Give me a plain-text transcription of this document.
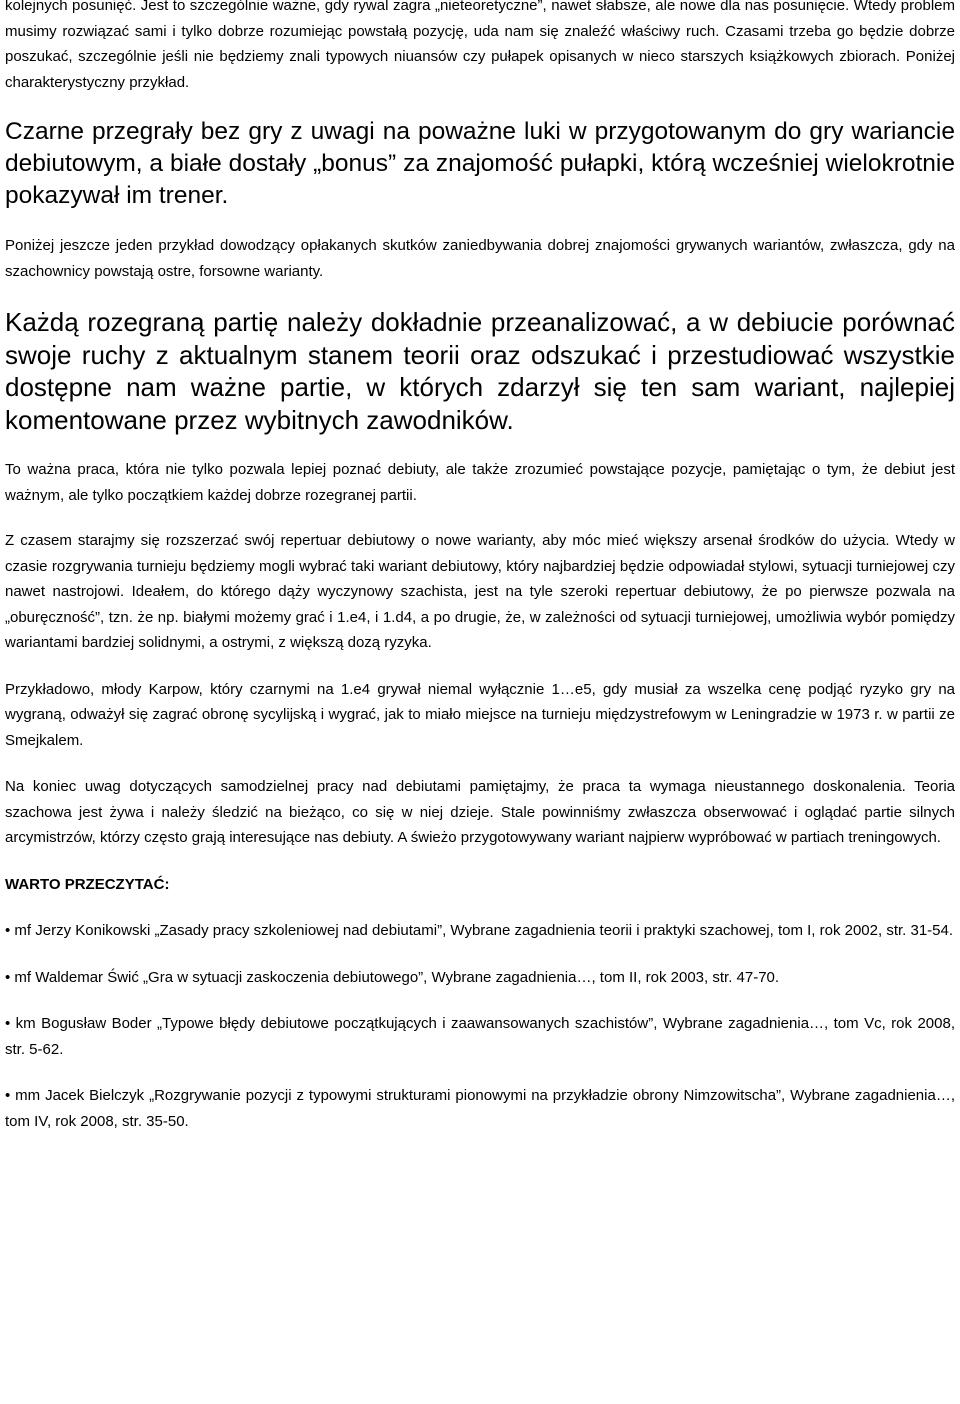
kolejnych posunięć. Jest to szczególnie ważne, gdy rywal zagra „nieteoretyczne”, nawet słabsze, ale nowe dla nas posunięcie. Wtedy problem musimy rozwiązać sami i tylko dobrze rozumiejąc powstałą pozycję, uda nam się znaleźć właściwy ruch. Czasami trzeba go będzie dobrze poszukać, szczególnie jeśli nie będziemy znali typowych niuansów czy pułapek opisanych w nieco starszych książkowych zbiorach. Poniżej charakterystyczny przykład.

Czarne przegrały bez gry z uwagi na poważne luki w przygotowanym do gry wariancie debiutowym, a białe dostały „bonus” za znajomość pułapki, którą wcześniej wielokrotnie pokazywał im trener.

Poniżej jeszcze jeden przykład dowodzący opłakanych skutków zaniedbywania dobrej znajomości grywanych wariantów, zwłaszcza, gdy na szachownicy powstają ostre, forsowne warianty.

Każdą rozegraną partię należy dokładnie przeanalizować, a w debiucie porównać swoje ruchy z aktualnym stanem teorii oraz odszukać i przestudiować wszystkie dostępne nam ważne partie, w których zdarzył się ten sam wariant, najlepiej komentowane przez wybitnych zawodników.

To ważna praca, która nie tylko pozwala lepiej poznać debiuty, ale także zrozumieć powstające pozycje, pamiętając o tym, że debiut jest ważnym, ale tylko początkiem każdej dobrze rozegranej partii.

Z czasem starajmy się rozszerzać swój repertuar debiutowy o nowe warianty, aby móc mieć większy arsenał środków do użycia. Wtedy w czasie rozgrywania turnieju będziemy mogli wybrać taki wariant debiutowy, który najbardziej będzie odpowiadał stylowi, sytuacji turniejowej czy nawet nastrojowi. Ideałem, do którego dąży wyczynowy szachista, jest na tyle szeroki repertuar debiutowy, że po pierwsze pozwala na „oburęczność”, tzn. że np. białymi możemy grać i 1.e4, i 1.d4, a po drugie, że, w zależności od sytuacji turniejowej, umożliwia wybór pomiędzy wariantami bardziej solidnymi, a ostrymi, z większą dozą ryzyka.

Przykładowo, młody Karpow, który czarnymi na 1.e4 grywał niemal wyłącznie 1…e5, gdy musiał za wszelka cenę podjąć ryzyko gry na wygraną, odważył się zagrać obronę sycylijską i wygrać, jak to miało miejsce na turnieju międzystrefowym w Leningradzie w 1973 r. w partii ze Smejkalem.

Na koniec uwag dotyczących samodzielnej pracy nad debiutami pamiętajmy, że praca ta wymaga nieustannego doskonalenia. Teoria szachowa jest żywa i należy śledzić na bieżąco, co się w niej dzieje. Stale powinniśmy zwłaszcza obserwować i oglądać partie silnych arcymistrzów, którzy często grają interesujące nas debiuty. A świeżo przygotowywany wariant najpierw wypróbować w partiach treningowych.

WARTO PRZECZYTAĆ:

• mf Jerzy Konikowski „Zasady pracy szkoleniowej nad debiutami”, Wybrane zagadnienia teorii i praktyki szachowej, tom I, rok 2002, str. 31-54.

• mf Waldemar Świć „Gra w sytuacji zaskoczenia debiutowego”, Wybrane zagadnienia…, tom II, rok 2003, str. 47-70.

• km Bogusław Boder „Typowe błędy debiutowe początkujących i zaawansowanych szachistów”, Wybrane zagadnienia…, tom Vc, rok 2008, str. 5-62.

• mm Jacek Bielczyk „Rozgrywanie pozycji z typowymi strukturami pionowymi na przykładzie obrony Nimzowitscha”, Wybrane zagadnienia…, tom IV, rok 2008, str. 35-50.
